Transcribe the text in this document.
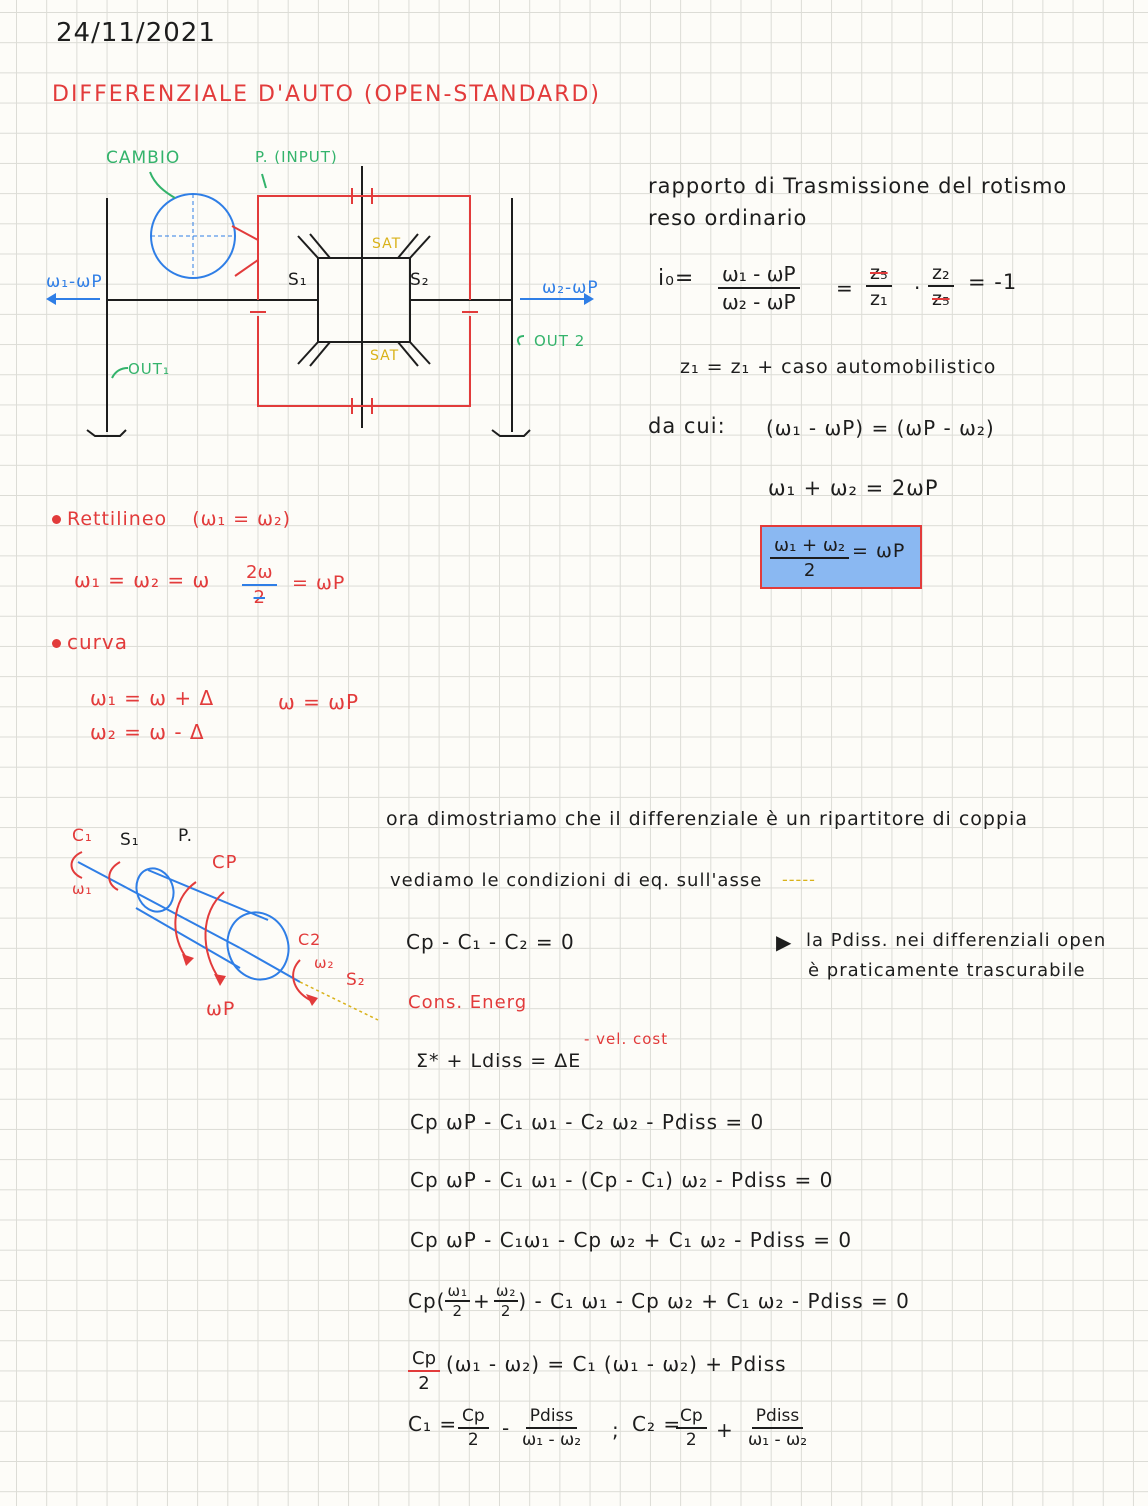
24/11/2021
DIFFERENZIALE D'AUTO (OPEN-STANDARD)
CAMBIO	P. (INPUT)
ω₁-ωP	ω₂-ωP
S₁	S₂
SAT
SAT
OUT₁
OUT 2
rapporto di Trasmissione del rotismo
reso ordinario
$i_0= \frac{\text{ω₁ - ωP}}{\text{ω₂ - ωP}} = \frac{\text{z₅}}{\text{z₁}} \cdot \frac{\text{z₂}}{\text{z₅}} = -1$
z₁ = z₁ + caso automobilistico
da cui: (ω₁ - ωP) = (ωP - ω₂)
ω₁ + ω₂ = 2ωP
$\frac{\text{ω₁ + ω₂}}{2} = \omega P$
Rettilineo (ω₁ = ω₂)
ω₁ = ω₂ = ω $\frac{2\omega}{2} = \omega P$
curva
ω₁ = ω + Δ
ω₂ = ω - Δ
ω = ωP
C₁ S₁ P.
CP
ω₁
C2
ω₂
S₂
ωP
ora dimostriamo che il differenziale è un ripartitore di coppia
vediamo le condizioni di eq. sull'asse -----
Cp - C₁ - C₂ = 0	▶ la Pdiss. nei differenziali open
è praticamente trascurabile
Cons. Energ
Σ* + Ldiss = ΔE
- vel. cost
Cp ωP - C₁ ω₁ - C₂ ω₂ - Pdiss = 0
Cp ωP - C₁ ω₁ - (Cp - C₁) ω₂ - Pdiss = 0
Cp ωP - C₁ω₁ - Cp ω₂ + C₁ ω₂ - Pdiss = 0
$Cp( \frac{\text{ω₁}}{2} + \frac{\text{ω₂}}{2}$ ) - C₁ ω₁ - Cp ω₂ + C₁ ω₂ - Pdiss = 0
$\frac{Cp}{2} (\omega_1 - \omega_2) = C_1$ (ω₁ - ω₂) + Pdiss
$C_1 = \frac{Cp}{2}$ - Pdiss
ω₁ - ω₂ ; C₂ =
$\frac{Cp}{2}$ +
Pdiss
ω₁ - ω₂
